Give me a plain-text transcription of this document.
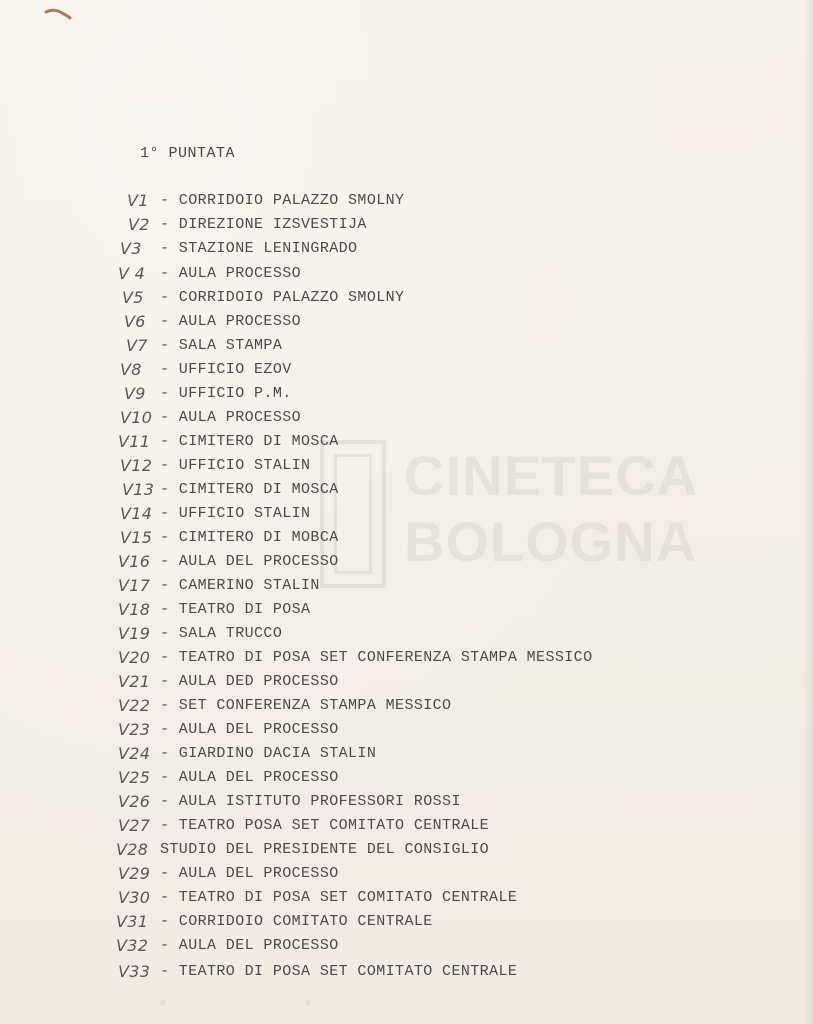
1° PUNTATA
CINETECA
BOLOGNA
V1 - CORRIDOIO PALAZZO SMOLNY
V2 - DIREZIONE IZSVESTIJA
V3 - STAZIONE LENINGRADO
V 4 - AULA PROCESSO
V5 - CORRIDOIO PALAZZO SMOLNY
V6 - AULA PROCESSO
V7 - SALA STAMPA
V8 - UFFICIO EZOV
V9 - UFFICIO P.M.
V10 - AULA PROCESSO
V11 - CIMITERO DI MOSCA
V12 - UFFICIO STALIN
V13 - CIMITERO DI MOSCA
V14 - UFFICIO STALIN
V15 - CIMITERO DI MOBCA
V16 - AULA DEL PROCESSO
V17 - CAMERINO STALIN
V18 - TEATRO DI POSA
V19 - SALA TRUCCO
V20 - TEATRO DI POSA SET CONFERENZA STAMPA MESSICO
V21 - AULA DED PROCESSO
V22 - SET CONFERENZA STAMPA MESSICO
V23 - AULA DEL PROCESSO
V24 - GIARDINO DACIA STALIN
V25 - AULA DEL PROCESSO
V26 - AULA ISTITUTO PROFESSORI ROSSI
V27 - TEATRO POSA SET COMITATO CENTRALE
V28 STUDIO DEL PRESIDENTE DEL CONSIGLIO
V29 - AULA DEL PROCESSO
V30 - TEATRO DI POSA SET COMITATO CENTRALE
V31 - CORRIDOIO COMITATO CENTRALE
V32 - AULA DEL PROCESSO
V33 - TEATRO DI POSA SET COMITATO CENTRALE
